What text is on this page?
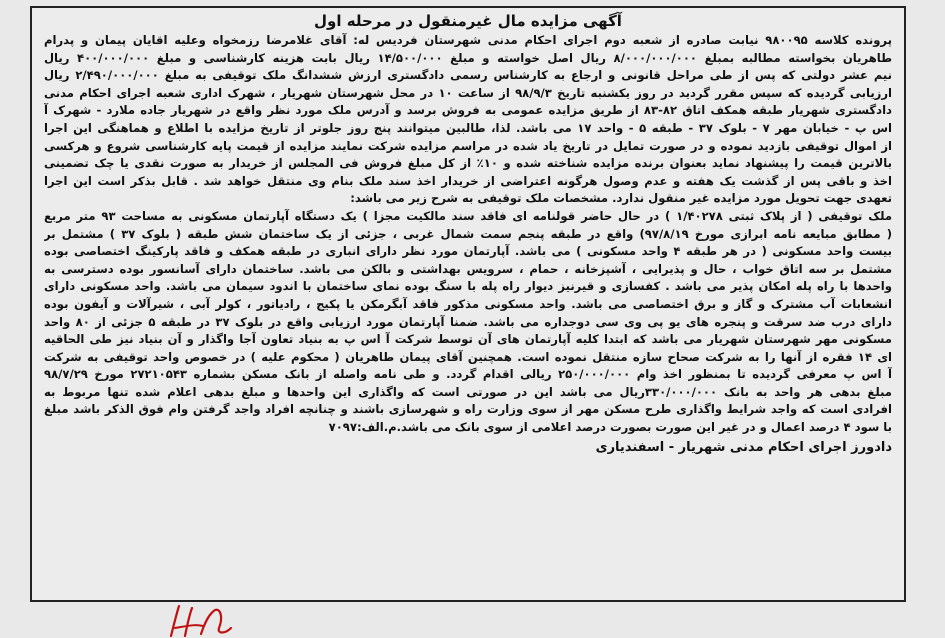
آگهی مزایده مال غیرمنقول در مرحله اول
پرونده کلاسه ۹۸۰۰۹۵ نیابت صادره از شعبه دوم اجرای احکام مدنی شهرستان فردیس له: آقای غلامرضا رزمخواه وعلیه اقایان پیمان و پدرام
طاهریان بخواسته مطالبه بمبلغ ۸/۰۰۰/۰۰۰/۰۰۰ ریال اصل خواسته و مبلغ ۱۴/۵۰۰/۰۰۰ ریال بابت هزینه کارشناسی و مبلغ ۴۰۰/۰۰۰/۰۰۰ ریال
نیم عشر دولتی که پس از طی مراحل قانونی و ارجاع به کارشناس رسمی دادگستری ارزش ششدانگ ملک توقیفی به مبلغ ۲/۴۹۰/۰۰۰/۰۰۰ ریال
ارزیابی گردیده که سپس مقرر گردید در روز یکشنبه تاریخ ۹۸/۹/۳ از ساعت ۱۰ در محل شهرستان شهریار ، شهرک اداری شعبه اجرای احکام مدنی
دادگستری شهریار طبقه همکف اتاق ۸۲-۸۳ از طریق مزایده عمومی به فروش برسد و آدرس ملک مورد نظر واقع در شهریار جاده ملارد - شهرک آ
اس پ - خیابان مهر ۷ - بلوک ۳۷ - طبقه ۵ - واحد ۱۷ می باشد. لذا، طالبین میتوانند پنج روز جلوتر از تاریخ مزایده با اطلاع و هماهنگی این اجرا
از اموال توقیفی بازدید نموده و در صورت تمایل در تاریخ یاد شده در مراسم مزایده شرکت نمایند مزایده از قیمت پایه کارشناسی شروع و هرکسی
بالاترین قیمت را پیشنهاد نماید بعنوان برنده مزایده شناخته شده و ۱۰٪ از کل مبلغ فروش فی المجلس از خریدار به صورت نقدی یا چک تضمینی
اخذ و باقی پس از گذشت یک هفته و عدم وصول هرگونه اعتراضی از خریدار اخذ سند ملک بنام وی منتقل خواهد شد . قابل بذکر است این اجرا
تعهدی جهت تحویل مورد مزایده غیر منقول ندارد. مشخصات ملک توقیفی به شرح زیر می باشد:
ملک توقیفی ( از پلاک ثبتی ۱/۴۰۲۷۸ ) در حال حاضر قولنامه ای فاقد سند مالکیت مجزا ) یک دستگاه آپارتمان مسکونی به مساحت ۹۳ متر مربع
( مطابق مبایعه نامه ابرازی مورخ ۹۷/۸/۱۹) واقع در طبقه پنجم سمت شمال غربی ، جزئی از یک ساختمان شش طبقه ( بلوک ۳۷ ) مشتمل بر
بیست واحد مسکونی ( در هر طبقه ۴ واحد مسکونی ) می باشد. آپارتمان مورد نظر دارای انباری در طبقه همکف و فاقد پارکینگ اختصاصی بوده
مشتمل بر سه اتاق خواب ، حال و پذیرایی ، آشپزخانه ، حمام ، سرویس بهداشتی و بالکن می باشد. ساختمان دارای آسانسور بوده دسترسی به
واحدها با راه پله امکان پذیر می باشد . کفسازی و قیرنیز دیوار راه پله با سنگ بوده نمای ساختمان با اندود سیمان می باشد. واحد مسکونی دارای
انشعابات آب مشترک و گاز و برق اختصاصی می باشد. واحد مسکونی مذکور فاقد آبگرمکن یا پکیج ، رادیاتور ، کولر آبی ، شیرآلات و آیفون بوده
دارای درب ضد سرقت و پنجره های یو پی وی سی دوجداره می باشد. ضمنا آپارتمان مورد ارزیابی واقع در بلوک ۳۷ در طبقه ۵ جزئی از ۸۰ واحد
مسکونی مهر شهرستان شهریار می باشد که ابتدا کلیه آپارتمان های آن توسط شرکت آ اس پ به بنیاد تعاون آجا واگذار و آن بنیاد نیز طی الحاقیه
ای ۱۴ فقره از آنها را به شرکت صحاح سازه منتقل نموده است. همچنین آقای پیمان طاهریان ( محکوم علیه ) در خصوص واحد توقیفی به شرکت
آ اس پ معرفی گردیده تا بمنظور اخذ وام ۲۵۰/۰۰۰/۰۰۰ ریالی اقدام گردد. و طی نامه واصله از بانک مسکن بشماره ۲۷۲۱۰۵۴۳ مورخ ۹۸/۷/۲۹
مبلغ بدهی هر واحد به بانک ۳۳۰/۰۰۰/۰۰۰ریال می باشد این در صورتی است که واگذاری این واحدها و مبلغ بدهی اعلام شده تنها مربوط به
افرادی است که واجد شرایط واگذاری طرح مسکن مهر از سوی وزارت راه و شهرسازی باشند و چنانچه افراد واجد گرفتن وام فوق الذکر باشد مبلغ
با سود ۴ درصد اعمال و در غیر این صورت بصورت درصد اعلامی از سوی بانک می باشد.م.الف:۷۰۹۷
دادورز اجرای احکام مدنی شهریار - اسفندیاری
